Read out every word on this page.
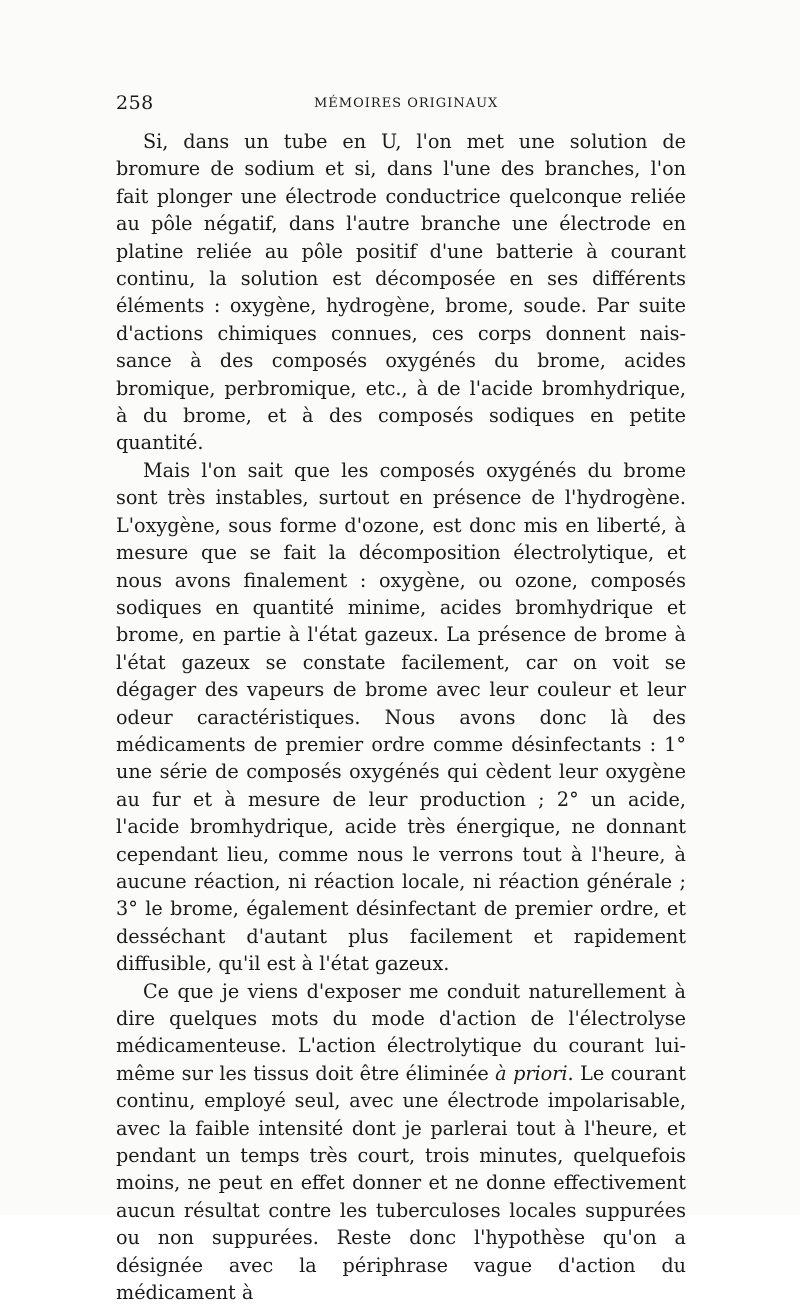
258	MÉMOIRES ORIGINAUX

Si, dans un tube en U, l'on met une solution de bromure de sodium et si, dans l'une des branches, l'on fait plonger une électrode conductrice quelconque reliée au pôle négatif, dans l'autre branche une électrode en platine reliée au pôle positif d'une batterie à courant continu, la solution est décomposée en ses différents éléments : oxygène, hydrogène, brome, soude. Par suite d'actions chimiques connues, ces corps donnent naissance à des composés oxygénés du brome, acides bromique, perbromique, etc., à de l'acide bromhydrique, à du brome, et à des composés sodiques en petite quantité.

Mais l'on sait que les composés oxygénés du brome sont très instables, surtout en présence de l'hydrogène. L'oxygène, sous forme d'ozone, est donc mis en liberté, à mesure que se fait la décomposition électrolytique, et nous avons finalement : oxygène, ou ozone, composés sodiques en quantité minime, acides bromhydrique et brome, en partie à l'état gazeux. La présence de brome à l'état gazeux se constate facilement, car on voit se dégager des vapeurs de brome avec leur couleur et leur odeur caractéristiques. Nous avons donc là des médicaments de premier ordre comme désinfectants : 1° une série de composés oxygénés qui cèdent leur oxygène au fur et à mesure de leur production ; 2° un acide, l'acide bromhydrique, acide très énergique, ne donnant cependant lieu, comme nous le verrons tout à l'heure, à aucune réaction, ni réaction locale, ni réaction générale ; 3° le brome, également désinfectant de premier ordre, et desséchant d'autant plus facilement et rapidement diffusible, qu'il est à l'état gazeux.

Ce que je viens d'exposer me conduit naturellement à dire quelques mots du mode d'action de l'électrolyse médicamenteuse. L'action électrolytique du courant lui-même sur les tissus doit être éliminée à priori. Le courant continu, employé seul, avec une électrode impolarisable, avec la faible intensité dont je parlerai tout à l'heure, et pendant un temps très court, trois minutes, quelquefois moins, ne peut en effet donner et ne donne effectivement aucun résultat contre les tuberculoses locales suppurées ou non suppurées. Reste donc l'hypothèse qu'on a désignée avec la périphrase vague d'action du médicament à
